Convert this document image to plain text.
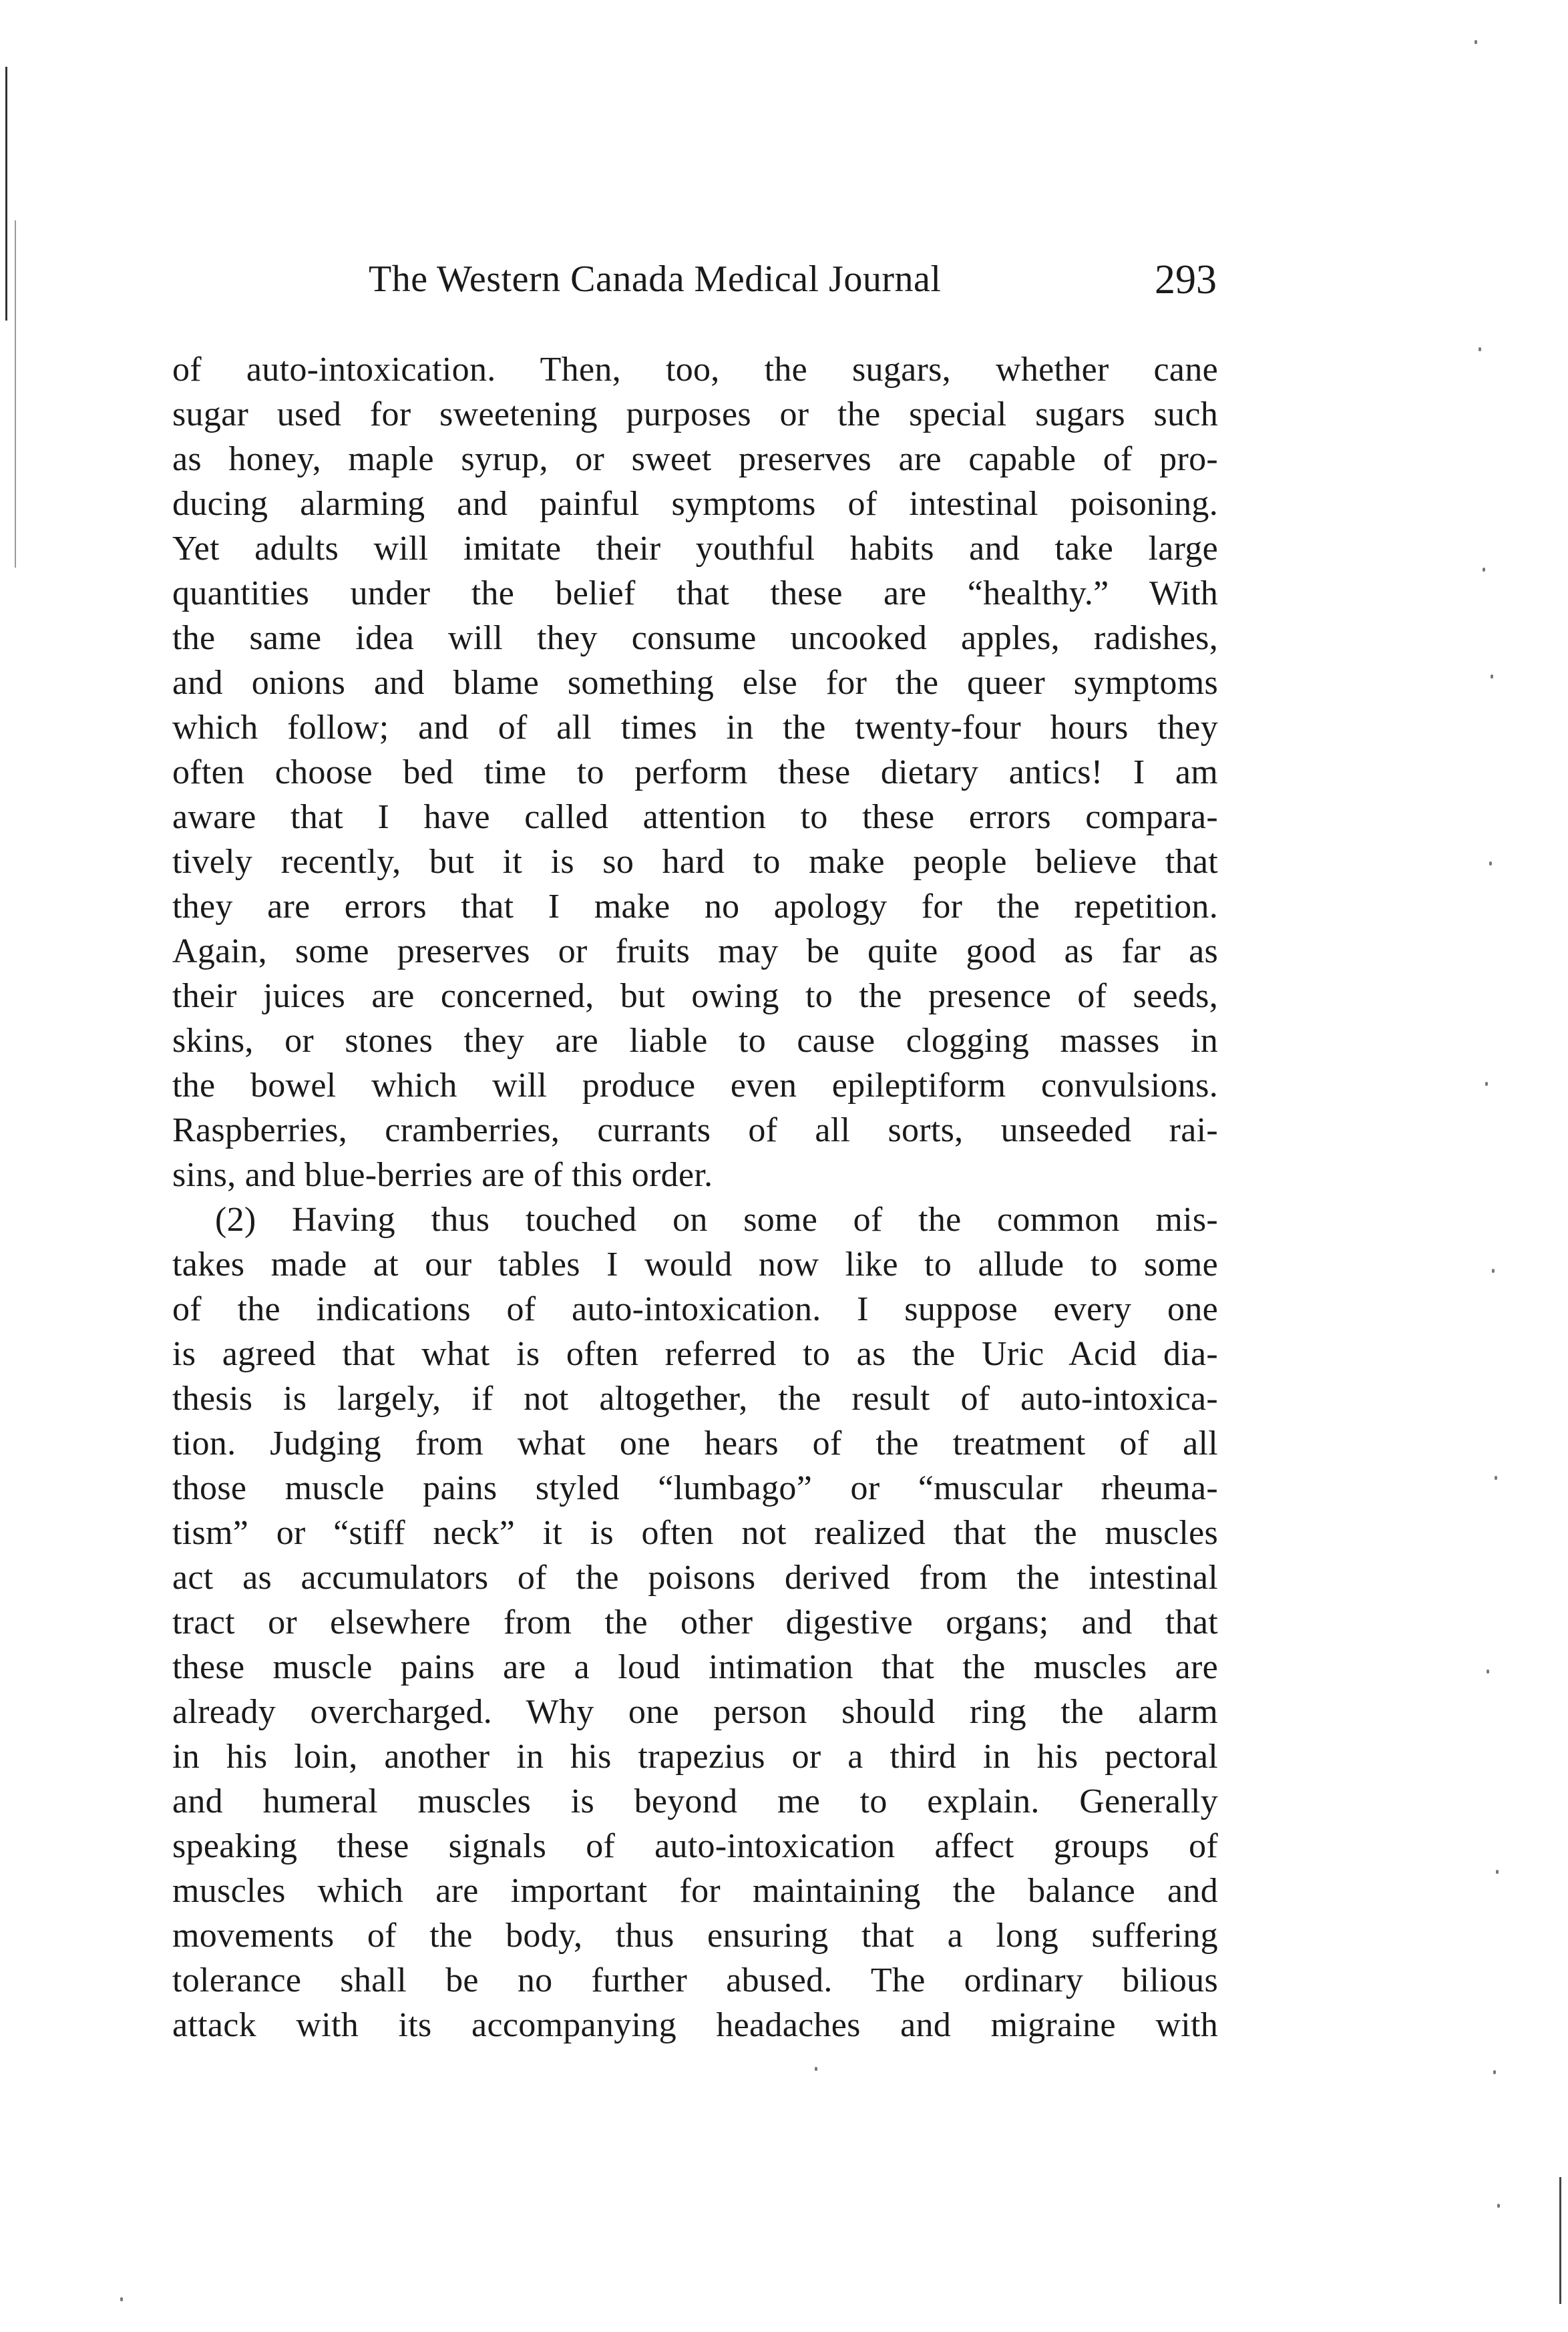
The Western Canada Medical Journal	293
of auto-intoxication. Then, too, the sugars, whether cane
sugar used for sweetening purposes or the special sugars such
as honey, maple syrup, or sweet preserves are capable of pro-
ducing alarming and painful symptoms of intestinal poisoning.
Yet adults will imitate their youthful habits and take large
quantities under the belief that these are “healthy.” With
the same idea will they consume uncooked apples, radishes,
and onions and blame something else for the queer symptoms
which follow; and of all times in the twenty-four hours they
often choose bed time to perform these dietary antics! I am
aware that I have called attention to these errors compara-
tively recently, but it is so hard to make people believe that
they are errors that I make no apology for the repetition.
Again, some preserves or fruits may be quite good as far as
their juices are concerned, but owing to the presence of seeds,
skins, or stones they are liable to cause clogging masses in
the bowel which will produce even epileptiform convulsions.
Raspberries, cramberries, currants of all sorts, unseeded rai-
sins, and blue-berries are of this order.
(2) Having thus touched on some of the common mis-
takes made at our tables I would now like to allude to some
of the indications of auto-intoxication. I suppose every one
is agreed that what is often referred to as the Uric Acid dia-
thesis is largely, if not altogether, the result of auto-intoxica-
tion. Judging from what one hears of the treatment of all
those muscle pains styled “lumbago” or “muscular rheuma-
tism” or “stiff neck” it is often not realized that the muscles
act as accumulators of the poisons derived from the intestinal
tract or elsewhere from the other digestive organs; and that
these muscle pains are a loud intimation that the muscles are
already overcharged. Why one person should ring the alarm
in his loin, another in his trapezius or a third in his pectoral
and humeral muscles is beyond me to explain. Generally
speaking these signals of auto-intoxication affect groups of
muscles which are important for maintaining the balance and
movements of the body, thus ensuring that a long suffering
tolerance shall be no further abused. The ordinary bilious
attack with its accompanying headaches and migraine with
